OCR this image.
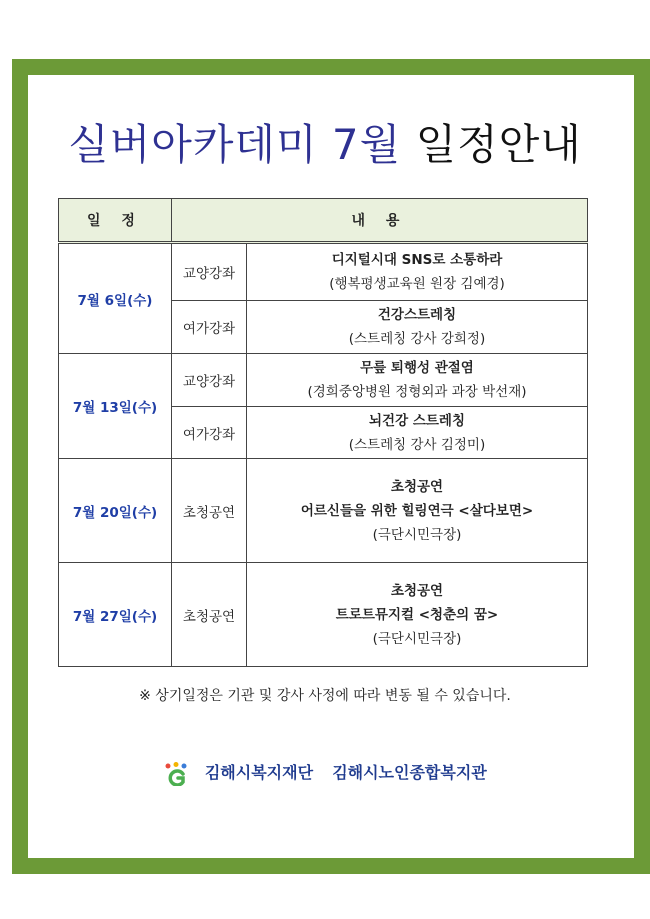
실버아카데미 7월 일정안내
일 정	내 용	
7월 6일(수)	교양강좌	디지털시대 SNS로 소통하라
(행복평생교육원 원장 김예경)

	여가강좌	건강스트레칭
(스트레칭 강사 강희정)

7월 13일(수)	교양강좌	무릎 퇴행성 관절염
(경희중앙병원 정형외과 과장 박선재)

	여가강좌	뇌건강 스트레칭
(스트레칭 강사 김정미)

7월 20일(수)	초청공연	초청공연
어르신들을 위한 힐링연극 <살다보면>
(극단시민극장)

7월 27일(수)	초청공연	초청공연
트로트뮤지컬 <청춘의 꿈>
(극단시민극장)
※ 상기일정은 기관 및 강사 사정에 따라 변동 될 수 있습니다.
김해시복지재단 김해시노인종합복지관
